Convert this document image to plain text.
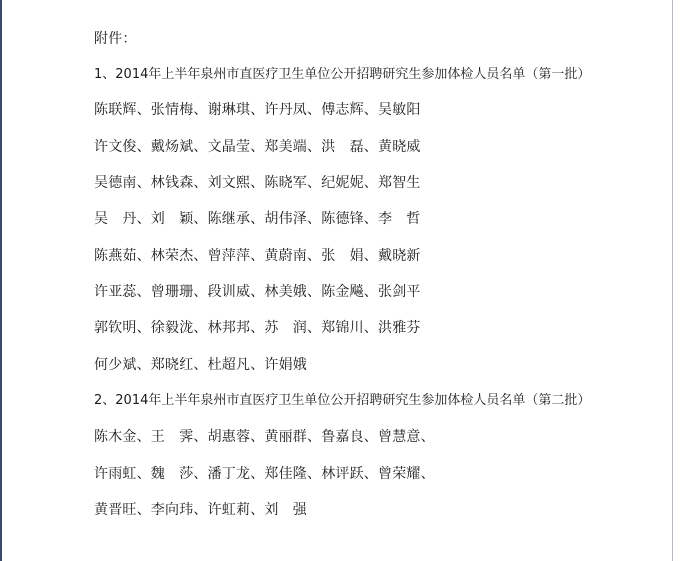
附件：
1、2014年上半年泉州市直医疗卫生单位公开招聘研究生参加体检人员名单（第一批）
陈联辉、张情梅、谢琳琪、许丹凤、傅志辉、吴敏阳
许文俊、戴炀斌、文晶莹、郑美端、洪　磊、黄晓威
吴德南、林钱森、刘文熙、陈晓军、纪妮妮、郑智生
吴　丹、刘　颖、陈继承、胡伟泽、陈德锋、李　哲
陈燕茹、林荣杰、曾萍萍、黄蔚南、张　娟、戴晓新
许亚蕊、曾珊珊、段训威、林美娥、陈金飚、张剑平
郭钦明、徐毅泷、林邦邦、苏　润、郑锦川、洪雅芬
何少斌、郑晓红、杜超凡、许娟娥
2、2014年上半年泉州市直医疗卫生单位公开招聘研究生参加体检人员名单（第二批）
陈木金、王　霁、胡惠蓉、黄丽群、鲁嘉良、曾慧意、
许雨虹、魏　莎、潘丁龙、郑佳隆、林评跃、曾荣耀、
黄晋旺、李向玮、许虹莉、刘　强
